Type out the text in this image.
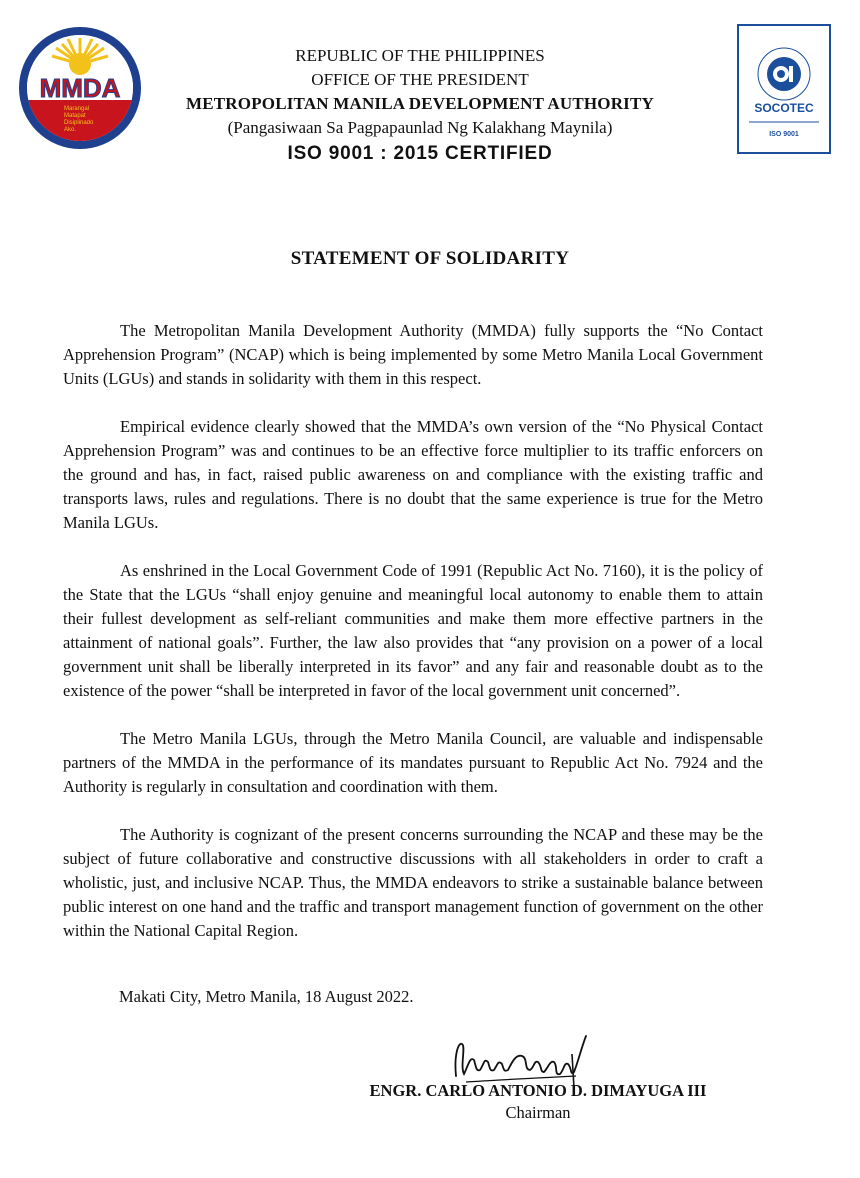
MMDA
Marangal
Matapat
Disiplinado
Ako.
REPUBLIC OF THE PHILIPPINES
OFFICE OF THE PRESIDENT
METROPOLITAN MANILA DEVELOPMENT AUTHORITY
(Pangasiwaan Sa Pagpapaunlad Ng Kalakhang Maynila)
ISO 9001 : 2015 CERTIFIED
SOCOTEC
ISO 9001
STATEMENT OF SOLIDARITY

The Metropolitan Manila Development Authority (MMDA) fully supports the “No Contact Apprehension Program” (NCAP) which is being implemented by some Metro Manila Local Government Units (LGUs) and stands in solidarity with them in this respect.

Empirical evidence clearly showed that the MMDA’s own version of the “No Physical Contact Apprehension Program” was and continues to be an effective force multiplier to its traffic enforcers on the ground and has, in fact, raised public awareness on and compliance with the existing traffic and transports laws, rules and regulations. There is no doubt that the same experience is true for the Metro Manila LGUs.

As enshrined in the Local Government Code of 1991 (Republic Act No. 7160), it is the policy of the State that the LGUs “shall enjoy genuine and meaningful local autonomy to enable them to attain their fullest development as self-reliant communities and make them more effective partners in the attainment of national goals”. Further, the law also provides that “any provision on a power of a local government unit shall be liberally interpreted in its favor” and any fair and reasonable doubt as to the existence of the power “shall be interpreted in favor of the local government unit concerned”.

The Metro Manila LGUs, through the Metro Manila Council, are valuable and indispensable partners of the MMDA in the performance of its mandates pursuant to Republic Act No. 7924 and the Authority is regularly in consultation and coordination with them.

The Authority is cognizant of the present concerns surrounding the NCAP and these may be the subject of future collaborative and constructive discussions with all stakeholders in order to craft a wholistic, just, and inclusive NCAP. Thus, the MMDA endeavors to strike a sustainable balance between public interest on one hand and the traffic and transport management function of government on the other within the National Capital Region.

Makati City, Metro Manila, 18 August 2022.
ENGR. CARLO ANTONIO D. DIMAYUGA III
Chairman
